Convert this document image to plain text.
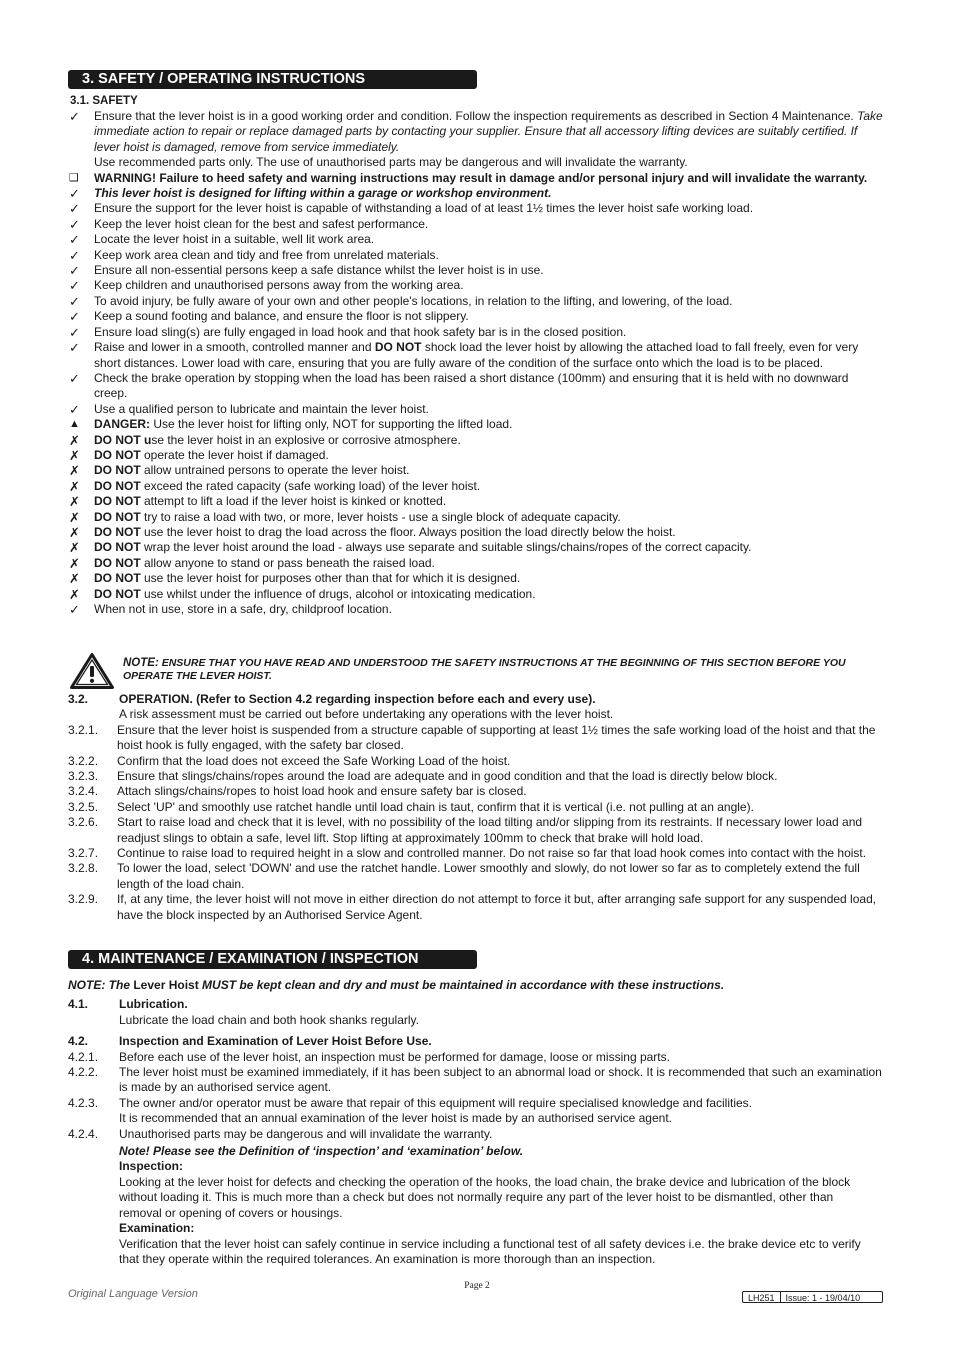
3. SAFETY / OPERATING INSTRUCTIONS
3.1. SAFETY
✓	Ensure that the lever hoist is in a good working order and condition. Follow the inspection requirements as described in Section 4 Maintenance. Take immediate action to repair or replace damaged parts by contacting your supplier. Ensure that all accessory lifting devices are suitably certified. If lever hoist is damaged, remove from service immediately.
Use recommended parts only. The use of unauthorised parts may be dangerous and will invalidate the warranty.
❏	WARNING! Failure to heed safety and warning instructions may result in damage and/or personal injury and will invalidate the warranty.
✓	This lever hoist is designed for lifting within a garage or workshop environment.
✓	Ensure the support for the lever hoist is capable of withstanding a load of at least 1½ times the lever hoist safe working load.
✓	Keep the lever hoist clean for the best and safest performance.
✓	Locate the lever hoist in a suitable, well lit work area.
✓	Keep work area clean and tidy and free from unrelated materials.
✓	Ensure all non-essential persons keep a safe distance whilst the lever hoist is in use.
✓	Keep children and unauthorised persons away from the working area.
✓	To avoid injury, be fully aware of your own and other people's locations, in relation to the lifting, and lowering, of the load.
✓	Keep a sound footing and balance, and ensure the floor is not slippery.
✓	Ensure load sling(s) are fully engaged in load hook and that hook safety bar is in the closed position.
✓	Raise and lower in a smooth, controlled manner and DO NOT shock load the lever hoist by allowing the attached load to fall freely, even for very short distances. Lower load with care, ensuring that you are fully aware of the condition of the surface onto which the load is to be placed.
✓	Check the brake operation by stopping when the load has been raised a short distance (100mm) and ensuring that it is held with no downward creep.
✓	Use a qualified person to lubricate and maintain the lever hoist.
▲	DANGER: Use the lever hoist for lifting only, NOT for supporting the lifted load.
✗	DO NOT use the lever hoist in an explosive or corrosive atmosphere.
✗	DO NOT operate the lever hoist if damaged.
✗	DO NOT allow untrained persons to operate the lever hoist.
✗	DO NOT exceed the rated capacity (safe working load) of the lever hoist.
✗	DO NOT attempt to lift a load if the lever hoist is kinked or knotted.
✗	DO NOT try to raise a load with two, or more, lever hoists - use a single block of adequate capacity.
✗	DO NOT use the lever hoist to drag the load across the floor. Always position the load directly below the hoist.
✗	DO NOT wrap the lever hoist around the load - always use separate and suitable slings/chains/ropes of the correct capacity.
✗	DO NOT allow anyone to stand or pass beneath the raised load.
✗	DO NOT use the lever hoist for purposes other than that for which it is designed.
✗	DO NOT use whilst under the influence of drugs, alcohol or intoxicating medication.
✓	When not in use, store in a safe, dry, childproof location.
NOTE: ENSURE THAT YOU HAVE READ AND UNDERSTOOD THE SAFETY INSTRUCTIONS AT THE BEGINNING OF THIS SECTION BEFORE YOU OPERATE THE LEVER HOIST.
3.2.	OPERATION. (Refer to Section 4.2 regarding inspection before each and every use).
A risk assessment must be carried out before undertaking any operations with the lever hoist.
3.2.1. Ensure that the lever hoist is suspended from a structure capable of supporting at least 1½ times the safe working load of the hoist and that the hoist hook is fully engaged, with the safety bar closed.
3.2.2. Confirm that the load does not exceed the Safe Working Load of the hoist.
3.2.3. Ensure that slings/chains/ropes around the load are adequate and in good condition and that the load is directly below block.
3.2.4. Attach slings/chains/ropes to hoist load hook and ensure safety bar is closed.
3.2.5. Select 'UP' and smoothly use ratchet handle until load chain is taut, confirm that it is vertical (i.e. not pulling at an angle).
3.2.6. Start to raise load and check that it is level, with no possibility of the load tilting and/or slipping from its restraints. If necessary lower load and readjust slings to obtain a safe, level lift. Stop lifting at approximately 100mm to check that brake will hold load.
3.2.7. Continue to raise load to required height in a slow and controlled manner. Do not raise so far that load hook comes into contact with the hoist.
3.2.8. To lower the load, select 'DOWN' and use the ratchet handle. Lower smoothly and slowly, do not lower so far as to completely extend the full length of the load chain.
3.2.9. If, at any time, the lever hoist will not move in either direction do not attempt to force it but, after arranging safe support for any suspended load, have the block inspected by an Authorised Service Agent.
4. MAINTENANCE / EXAMINATION / INSPECTION
NOTE: The Lever Hoist MUST be kept clean and dry and must be maintained in accordance with these instructions.
4.1.	Lubrication.
Lubricate the load chain and both hook shanks regularly.
4.2.	Inspection and Examination of Lever Hoist Before Use.
4.2.1. Before each use of the lever hoist, an inspection must be performed for damage, loose or missing parts.
4.2.2. The lever hoist must be examined immediately, if it has been subject to an abnormal load or shock. It is recommended that such an examination is made by an authorised service agent.
4.2.3. The owner and/or operator must be aware that repair of this equipment will require specialised knowledge and facilities.
It is recommended that an annual examination of the lever hoist is made by an authorised service agent.
4.2.4. Unauthorised parts may be dangerous and will invalidate the warranty.
Note! Please see the Definition of ‘inspection’ and ‘examination’ below.
Inspection:
Looking at the lever hoist for defects and checking the operation of the hooks, the load chain, the brake device and lubrication of the block without loading it. This is much more than a check but does not normally require any part of the lever hoist to be dismantled, other than removal or opening of covers or housings.
Examination:
Verification that the lever hoist can safely continue in service including a functional test of all safety devices i.e. the brake device etc to verify that they operate within the required tolerances. An examination is more thorough than an inspection.
Page 2
Original Language Version	LH251	Issue: 1 - 19/04/10
